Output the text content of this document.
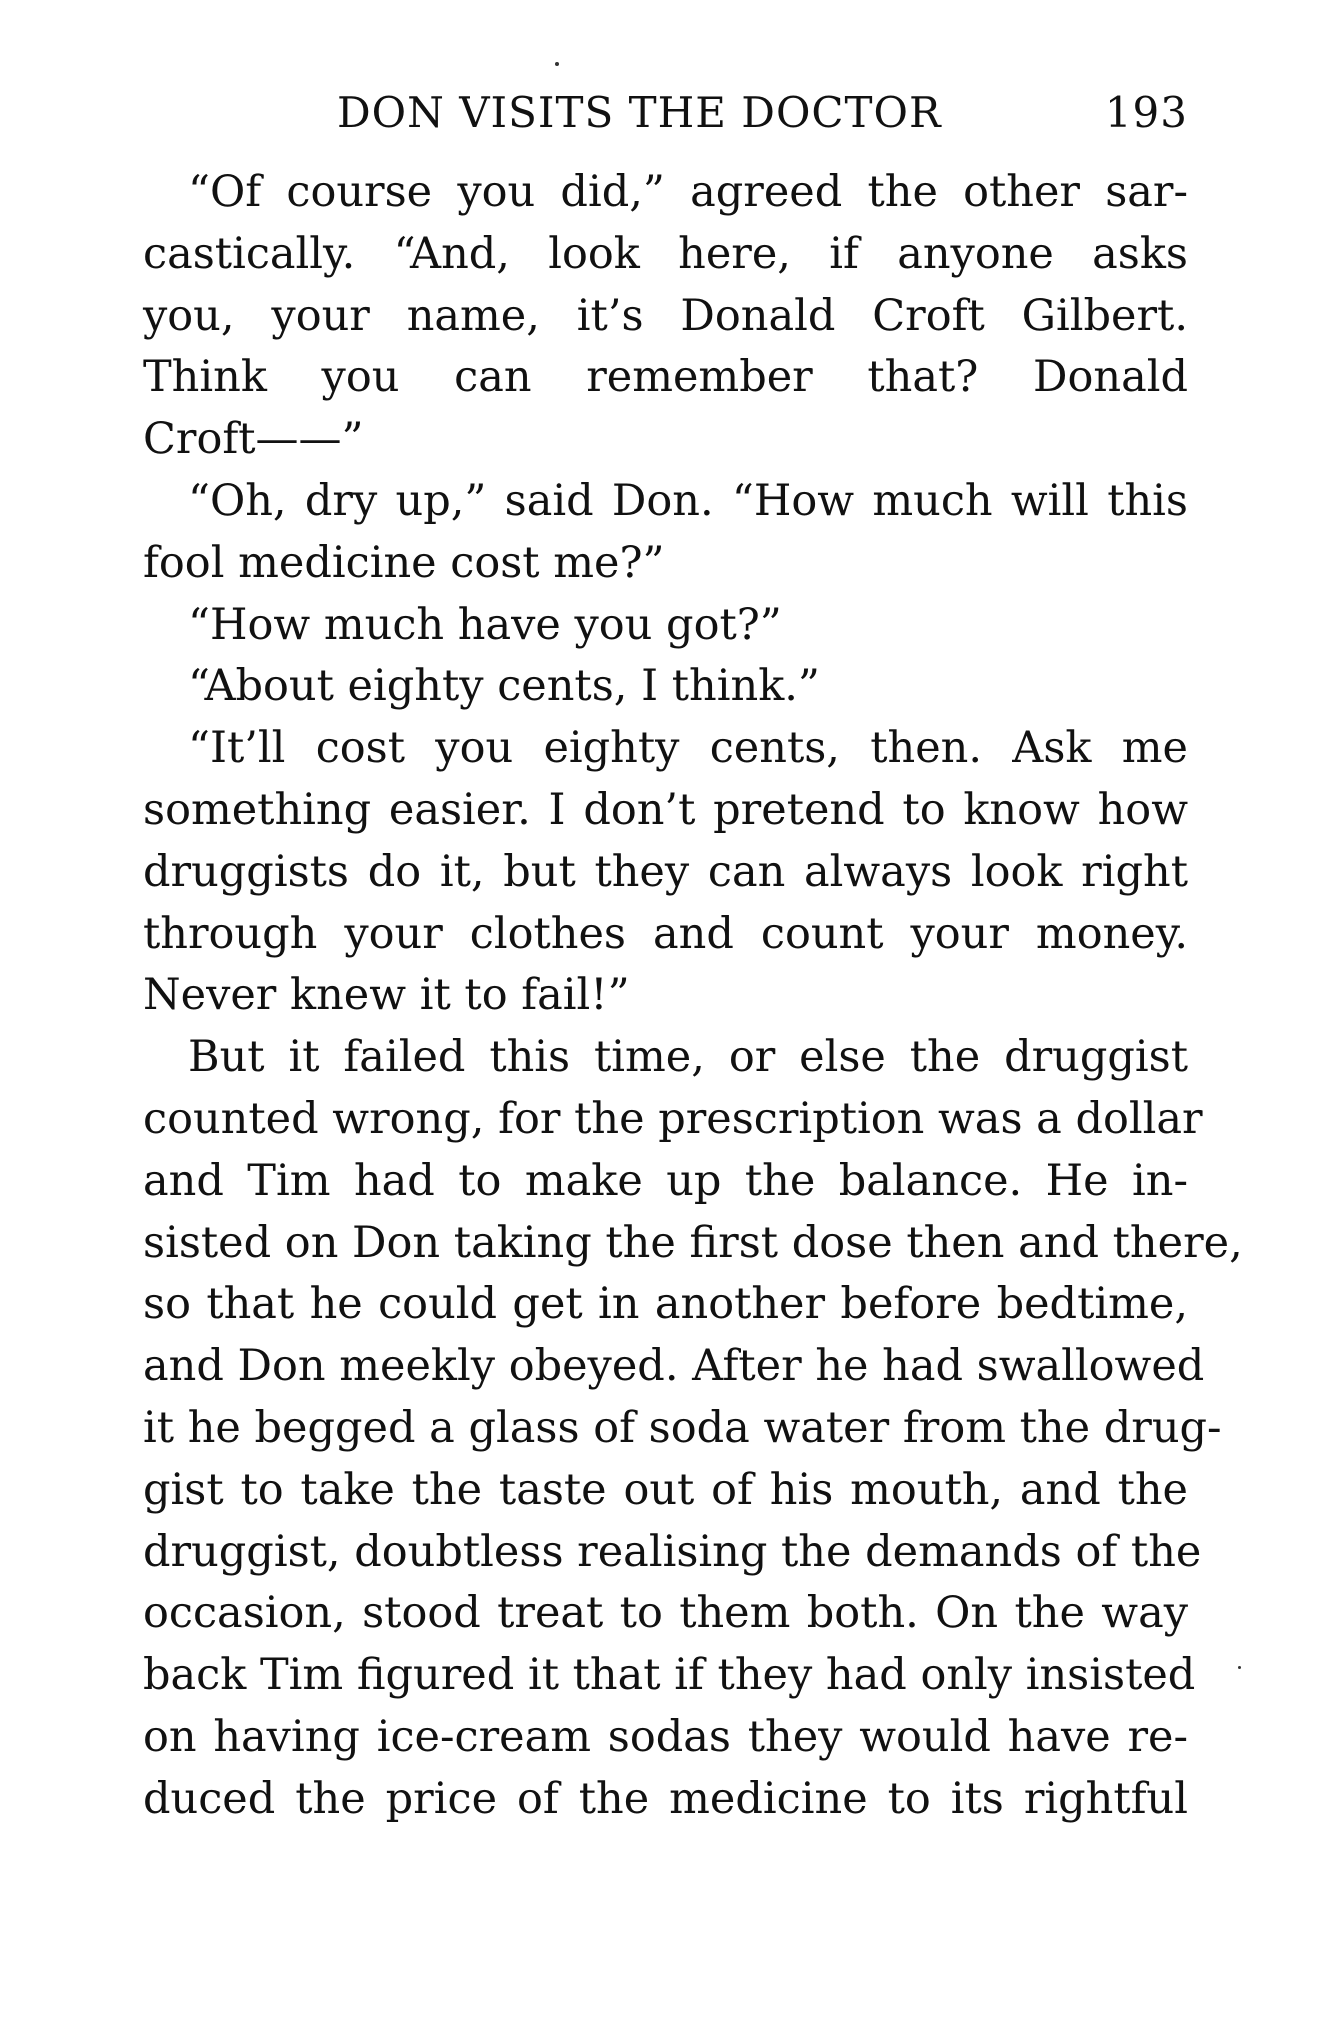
DON VISITS THE DOCTOR	193
“Of course you did,” agreed the other sar-
castically. “And, look here, if anyone asks
you, your name, it’s Donald Croft Gilbert.
Think you can remember that? Donald
Croft——”
“Oh, dry up,” said Don. “How much will this
fool medicine cost me?”
“How much have you got?”
“About eighty cents, I think.”
“It’ll cost you eighty cents, then. Ask me
something easier. I don’t pretend to know how
druggists do it, but they can always look right
through your clothes and count your money.
Never knew it to fail!”
But it failed this time, or else the druggist
counted wrong, for the prescription was a dollar
and Tim had to make up the balance. He in-
sisted on Don taking the first dose then and there,
so that he could get in another before bedtime,
and Don meekly obeyed. After he had swallowed
it he begged a glass of soda water from the drug-
gist to take the taste out of his mouth, and the
druggist, doubtless realising the demands of the
occasion, stood treat to them both. On the way
back Tim figured it that if they had only insisted
on having ice-cream sodas they would have re-
duced the price of the medicine to its rightful
